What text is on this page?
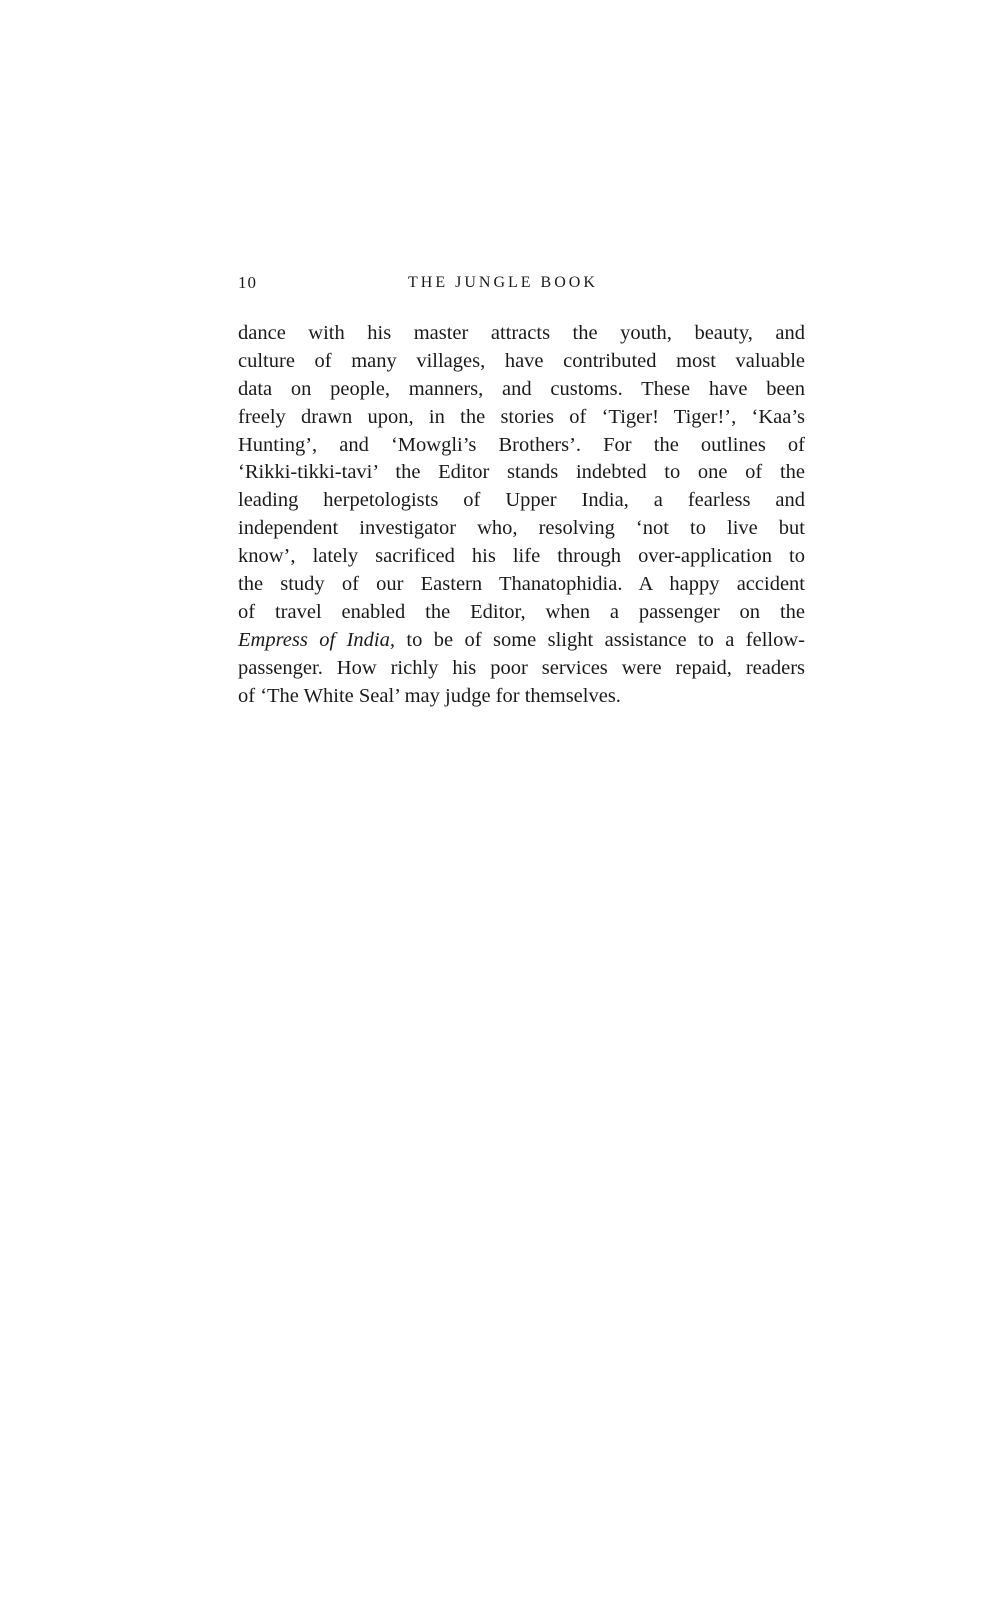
10	THE JUNGLE BOOK
dance with his master attracts the youth, beauty, and
culture of many villages, have contributed most valuable
data on people, manners, and customs. These have been
freely drawn upon, in the stories of ‘Tiger! Tiger!’, ‘Kaa’s
Hunting’, and ‘Mowgli’s Brothers’. For the outlines of
‘Rikki-tikki-tavi’ the Editor stands indebted to one of the
leading herpetologists of Upper India, a fearless and
independent investigator who, resolving ‘not to live but
know’, lately sacrificed his life through over-application to
the study of our Eastern Thanatophidia. A happy accident
of travel enabled the Editor, when a passenger on the
Empress of India, to be of some slight assistance to a fellow-
passenger. How richly his poor services were repaid, readers
of ‘The White Seal’ may judge for themselves.
